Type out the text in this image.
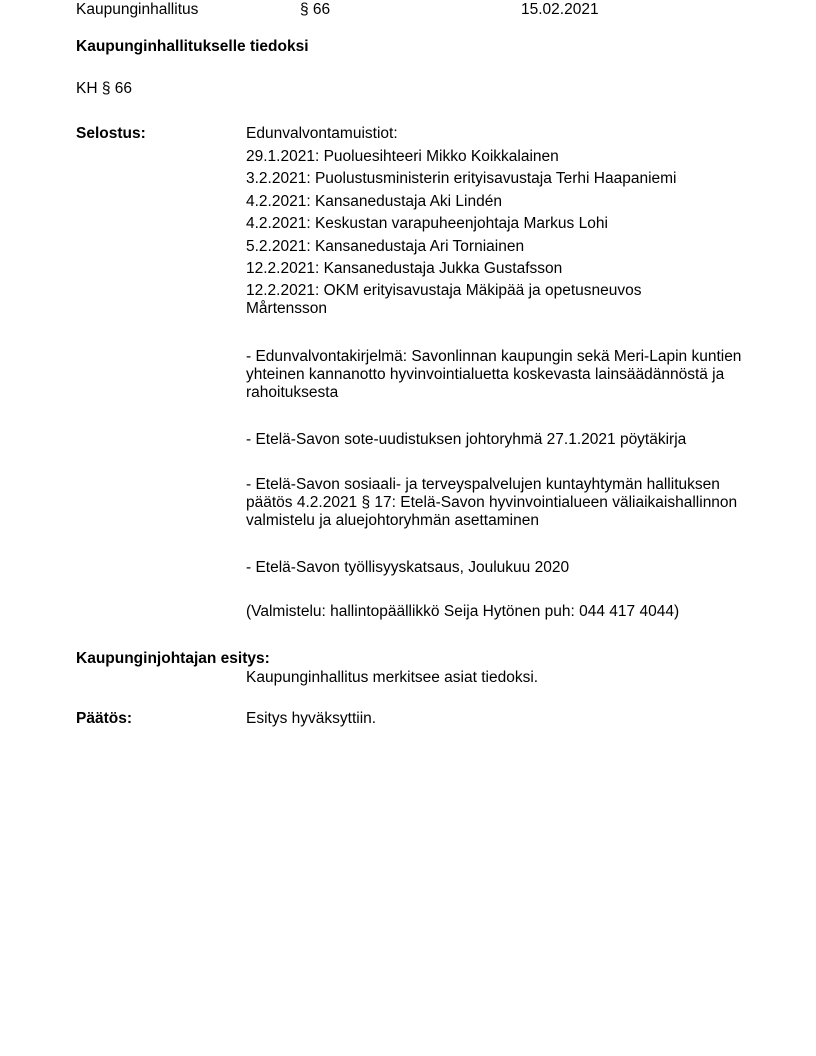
Kaupunginhallitus	§ 66	15.02.2021
Kaupunginhallitukselle tiedoksi
KH § 66
Selostus:	Edunvalvontamuistiot:
29.1.2021: Puoluesihteeri Mikko Koikkalainen
3.2.2021: Puolustusministerin erityisavustaja Terhi Haapaniemi
4.2.2021: Kansanedustaja Aki Lindén
4.2.2021: Keskustan varapuheenjohtaja Markus Lohi
5.2.2021: Kansanedustaja Ari Torniainen
12.2.2021: Kansanedustaja Jukka Gustafsson
12.2.2021: OKM erityisavustaja Mäkipää ja opetusneuvos Mårtensson
- Edunvalvontakirjelmä: Savonlinnan kaupungin sekä Meri-Lapin kuntien yhteinen kannanotto hyvinvointialuetta koskevasta lainsäädännöstä ja rahoituksesta
- Etelä-Savon sote-uudistuksen johtoryhmä 27.1.2021 pöytäkirja
- Etelä-Savon sosiaali- ja terveyspalvelujen kuntayhtymän hallituksen päätös 4.2.2021 § 17: Etelä-Savon hyvinvointialueen väliaikaishallinnon valmistelu ja aluejohtoryhmän asettaminen
- Etelä-Savon työllisyyskatsaus, Joulukuu 2020
(Valmistelu: hallintopäällikkö Seija Hytönen puh: 044 417 4044)
Kaupunginjohtajan esitys:
Kaupunginhallitus merkitsee asiat tiedoksi.
Päätös:	Esitys hyväksyttiin.
